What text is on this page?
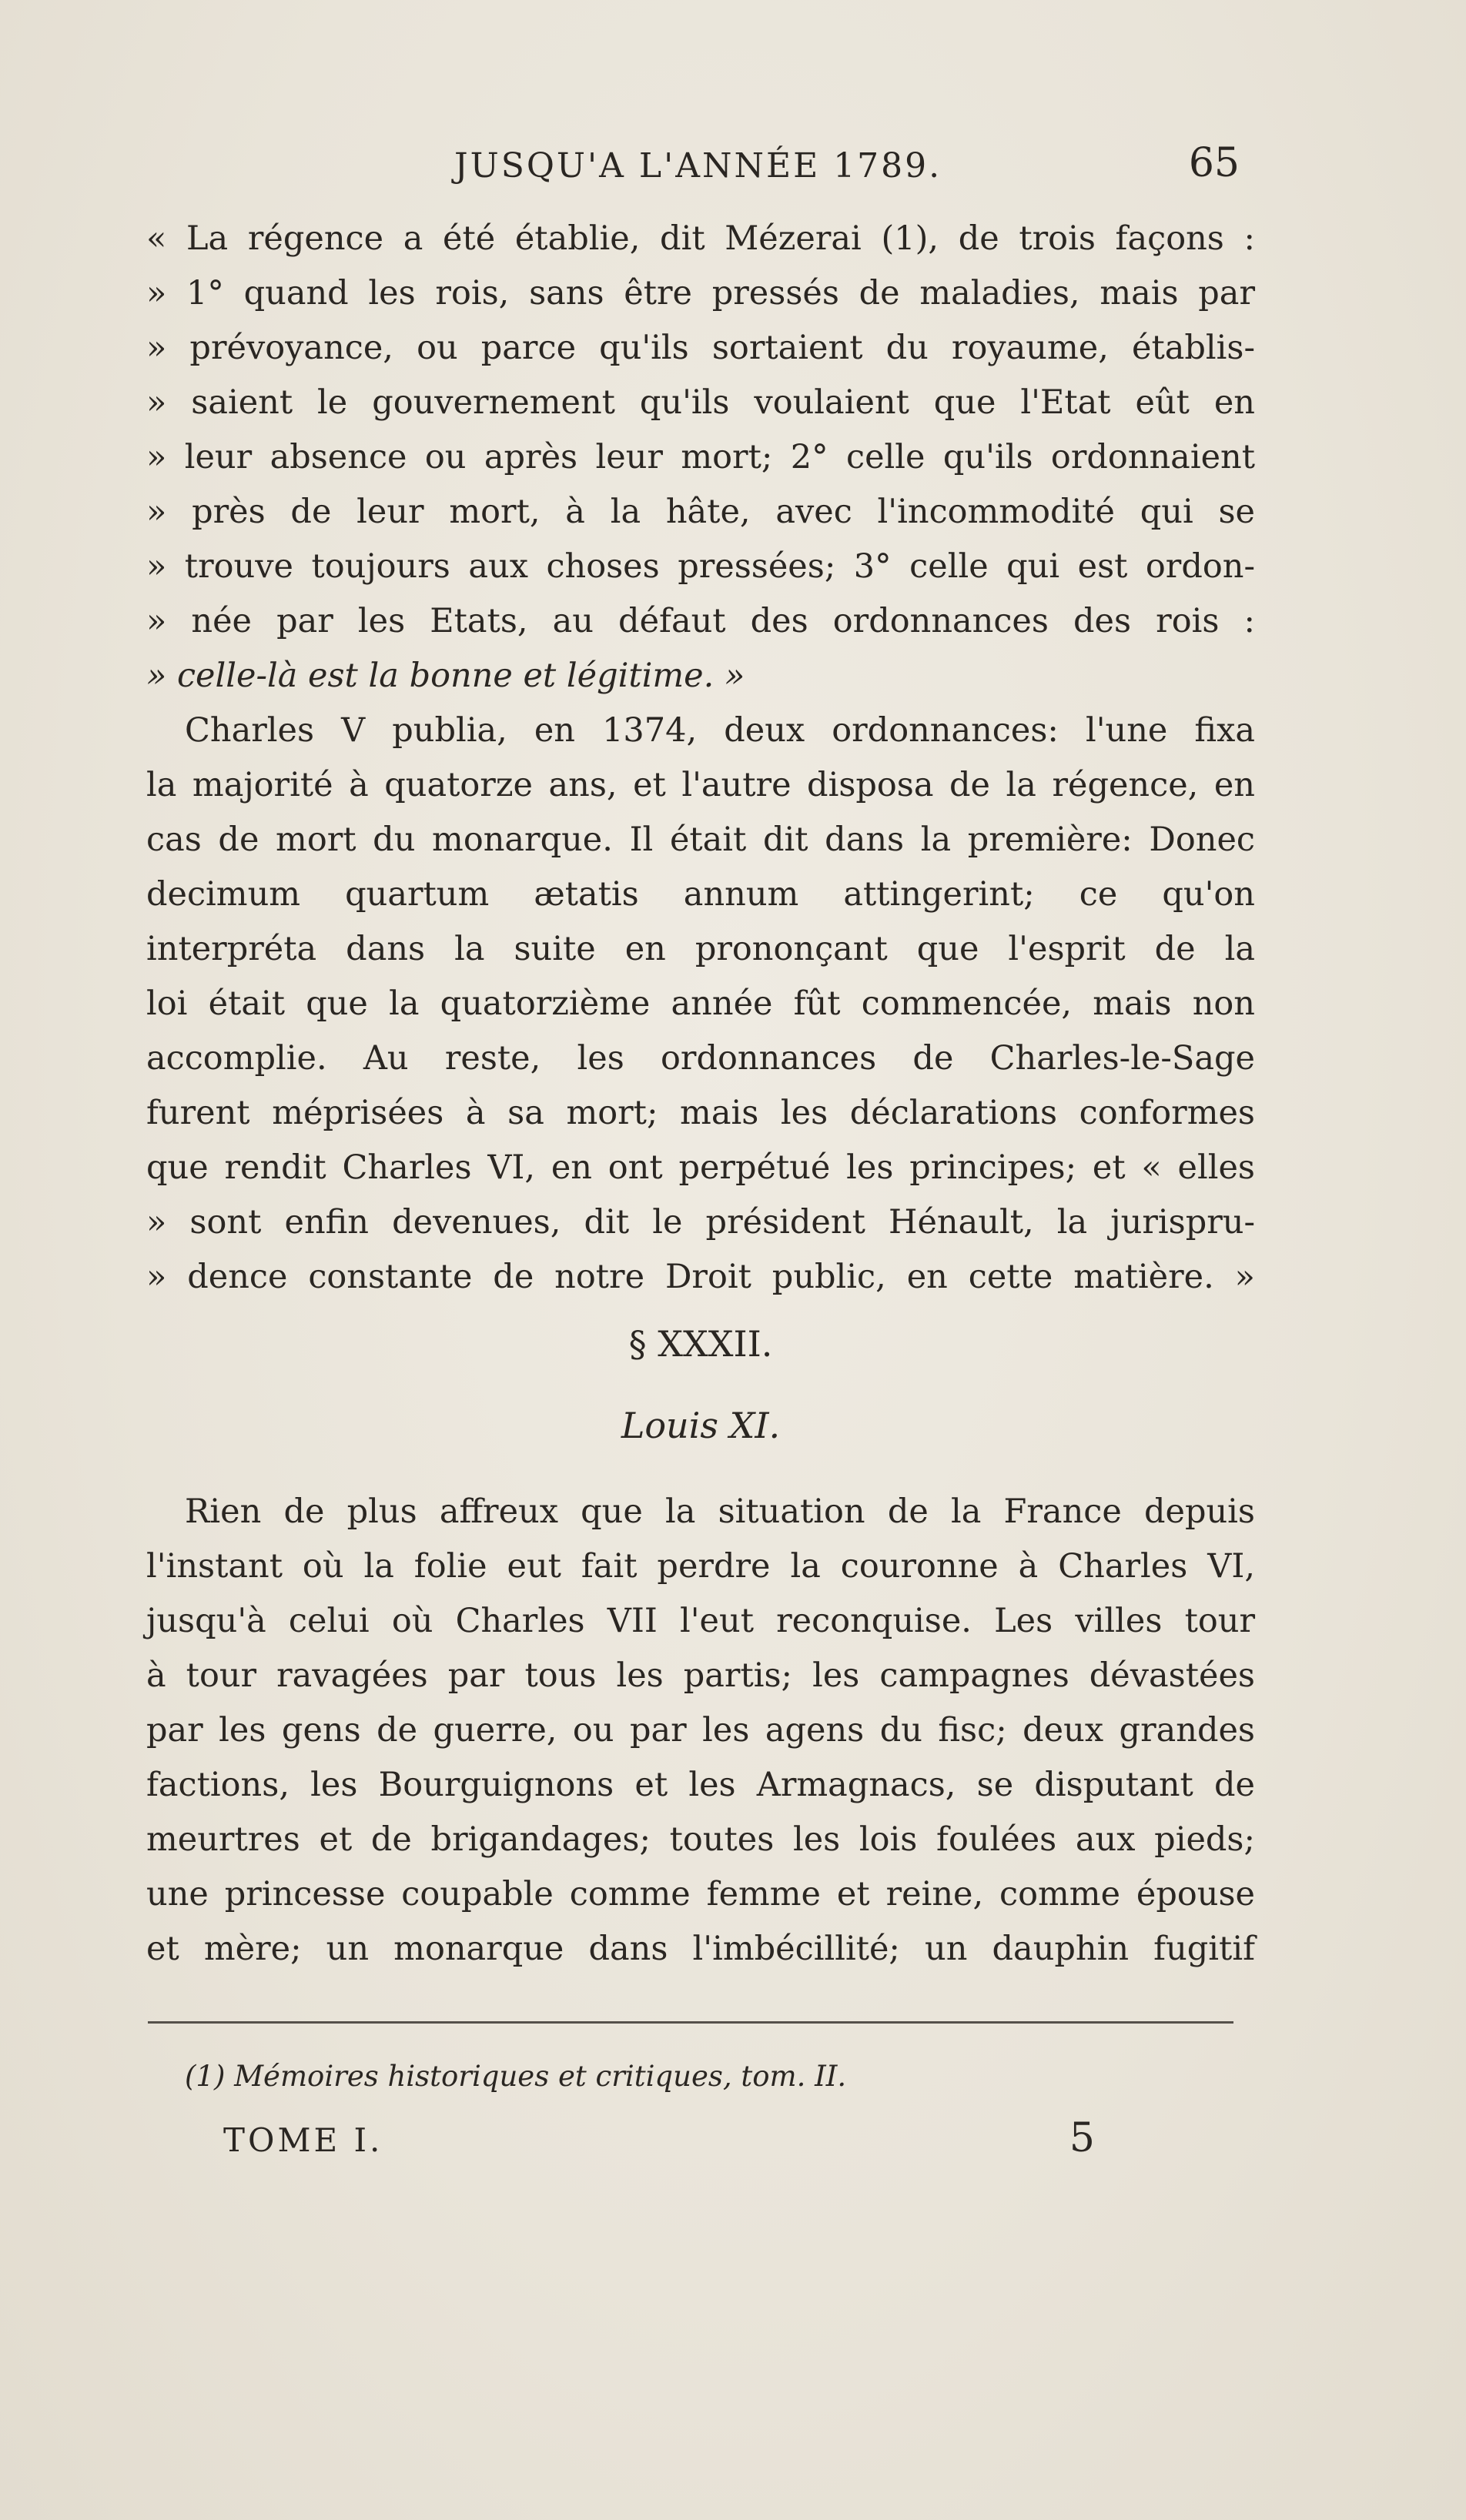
JUSQU'A L'ANNÉE 1789.	65
« La régence a été établie, dit Mézerai (1), de trois façons :
» 1° quand les rois, sans être pressés de maladies, mais par
» prévoyance, ou parce qu'ils sortaient du royaume, établis-
» saient le gouvernement qu'ils voulaient que l'Etat eût en
» leur absence ou après leur mort; 2° celle qu'ils ordonnaient
» près de leur mort, à la hâte, avec l'incommodité qui se
» trouve toujours aux choses pressées; 3° celle qui est ordon-
» née par les Etats, au défaut des ordonnances des rois :
» celle-là est la bonne et légitime. »
Charles V publia, en 1374, deux ordonnances: l'une fixa
la majorité à quatorze ans, et l'autre disposa de la régence, en
cas de mort du monarque. Il était dit dans la première: Donec
decimum quartum ætatis annum attingerint; ce qu'on
interpréta dans la suite en prononçant que l'esprit de la
loi était que la quatorzième année fût commencée, mais non
accomplie. Au reste, les ordonnances de Charles-le-Sage
furent méprisées à sa mort; mais les déclarations conformes
que rendit Charles VI, en ont perpétué les principes; et « elles
» sont enfin devenues, dit le président Hénault, la jurispru-
» dence constante de notre Droit public, en cette matière. »
§ XXXII.
Louis XI.
Rien de plus affreux que la situation de la France depuis
l'instant où la folie eut fait perdre la couronne à Charles VI,
jusqu'à celui où Charles VII l'eut reconquise. Les villes tour
à tour ravagées par tous les partis; les campagnes dévastées
par les gens de guerre, ou par les agens du fisc; deux grandes
factions, les Bourguignons et les Armagnacs, se disputant de
meurtres et de brigandages; toutes les lois foulées aux pieds;
une princesse coupable comme femme et reine, comme épouse
et mère; un monarque dans l'imbécillité; un dauphin fugitif
(1) Mémoires historiques et critiques, tom. II.
TOME I.	5
